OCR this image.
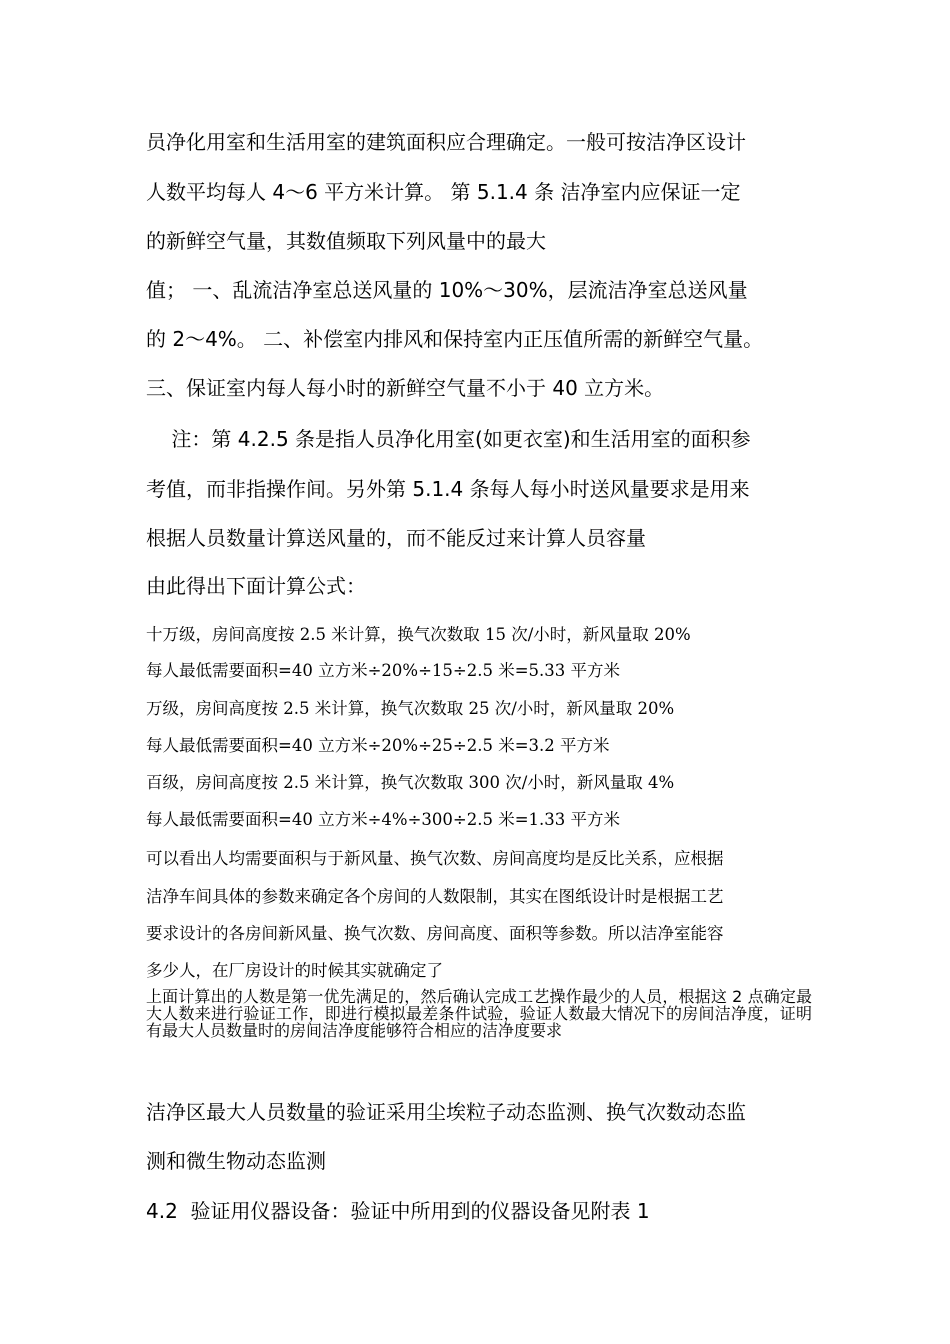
员净化用室和生活用室的建筑面积应合理确定。一般可按洁净区设计

人数平均每人 4～6 平方米计算。 第 5.1.4 条 洁净室内应保证一定

的新鲜空气量，其数值频取下列风量中的最大

值； 一、乱流洁净室总送风量的 10%～30%，层流洁净室总送风量

的 2～4%。 二、补偿室内排风和保持室内正压值所需的新鲜空气量。

三、保证室内每人每小时的新鲜空气量不小于 40 立方米。

注：第 4.2.5 条是指人员净化用室(如更衣室)和生活用室的面积参

考值，而非指操作间。另外第 5.1.4 条每人每小时送风量要求是用来

根据人员数量计算送风量的，而不能反过来计算人员容量

由此得出下面计算公式：

十万级，房间高度按 2.5 米计算，换气次数取 15 次/小时，新风量取 20%

每人最低需要面积=40 立方米÷20%÷15÷2.5 米=5.33 平方米

万级，房间高度按 2.5 米计算，换气次数取 25 次/小时，新风量取 20%

每人最低需要面积=40 立方米÷20%÷25÷2.5 米=3.2 平方米

百级，房间高度按 2.5 米计算，换气次数取 300 次/小时，新风量取 4%

每人最低需要面积=40 立方米÷4%÷300÷2.5 米=1.33 平方米

可以看出人均需要面积与于新风量、换气次数、房间高度均是反比关系，应根据

洁净车间具体的参数来确定各个房间的人数限制，其实在图纸设计时是根据工艺

要求设计的各房间新风量、换气次数、房间高度、面积等参数。所以洁净室能容

多少人，在厂房设计的时候其实就确定了

上面计算出的人数是第一优先满足的，然后确认完成工艺操作最少的人员，根据这 2 点确定最大人数来进行验证工作，即进行模拟最差条件试验，验证人数最大情况下的房间洁净度，证明有最大人员数量时的房间洁净度能够符合相应的洁净度要求

洁净区最大人员数量的验证采用尘埃粒子动态监测、换气次数动态监

测和微生物动态监测

4.2  验证用仪器设备：验证中所用到的仪器设备见附表 1
